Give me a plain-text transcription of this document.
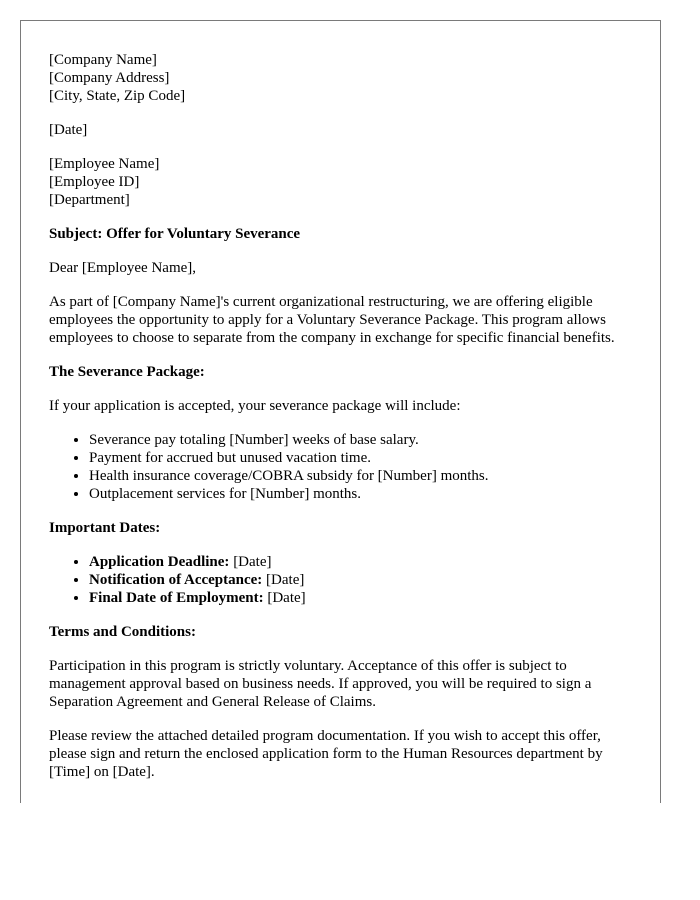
[Company Name]
[Company Address]
[City, State, Zip Code]

[Date]

[Employee Name]
[Employee ID]
[Department]

Subject: Offer for Voluntary Severance

Dear [Employee Name],

As part of [Company Name]'s current organizational restructuring, we are offering eligible employees the opportunity to apply for a Voluntary Severance Package. This program allows employees to choose to separate from the company in exchange for specific financial benefits.

The Severance Package:

If your application is accepted, your severance package will include:

• Severance pay totaling [Number] weeks of base salary.
• Payment for accrued but unused vacation time.
• Health insurance coverage/COBRA subsidy for [Number] months.
• Outplacement services for [Number] months.

Important Dates:

• Application Deadline: [Date]
• Notification of Acceptance: [Date]
• Final Date of Employment: [Date]

Terms and Conditions:

Participation in this program is strictly voluntary. Acceptance of this offer is subject to management approval based on business needs. If approved, you will be required to sign a Separation Agreement and General Release of Claims.

Please review the attached detailed program documentation. If you wish to accept this offer, please sign and return the enclosed application form to the Human Resources department by [Time] on [Date].
